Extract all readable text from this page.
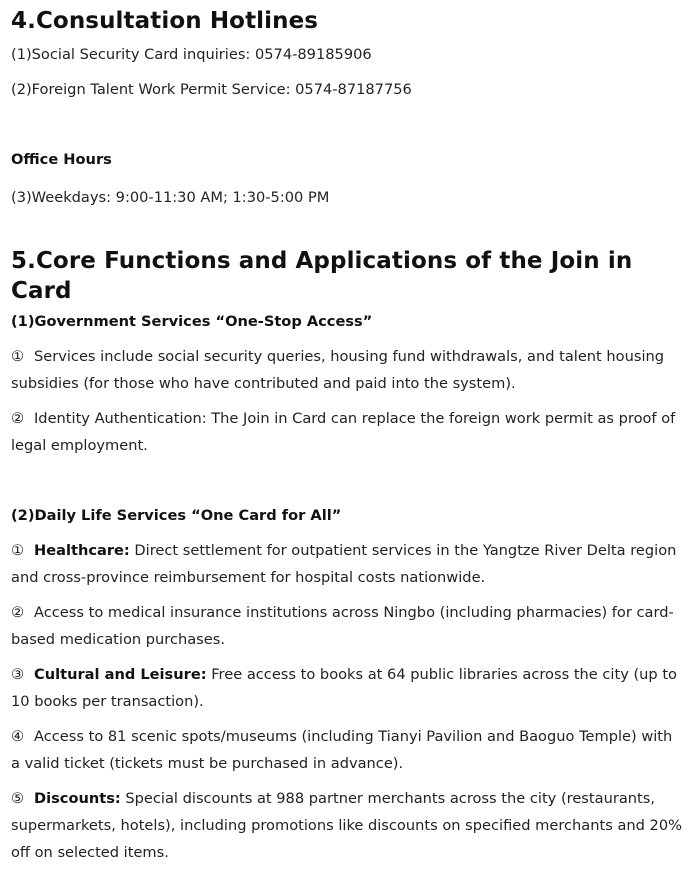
4.Consultation Hotlines

(1)Social Security Card inquiries: 0574-89185906

(2)Foreign Talent Work Permit Service: 0574-87187756

Office Hours

(3)Weekdays: 9:00-11:30 AM; 1:30-5:00 PM

5.Core Functions and Applications of the Join in Card

(1)Government Services “One-Stop Access”

① Services include social security queries, housing fund withdrawals, and talent housing subsidies (for those who have contributed and paid into the system).

② Identity Authentication: The Join in Card can replace the foreign work permit as proof of legal employment.

(2)Daily Life Services “One Card for All”

① Healthcare: Direct settlement for outpatient services in the Yangtze River Delta region and cross-province reimbursement for hospital costs nationwide.

② Access to medical insurance institutions across Ningbo (including pharmacies) for card-based medication purchases.

③ Cultural and Leisure: Free access to books at 64 public libraries across the city (up to 10 books per transaction).

④ Access to 81 scenic spots/museums (including Tianyi Pavilion and Baoguo Temple) with a valid ticket (tickets must be purchased in advance).

⑤ Discounts: Special discounts at 988 partner merchants across the city (restaurants, supermarkets, hotels), including promotions like discounts on specified merchants and 20% off on selected items.
